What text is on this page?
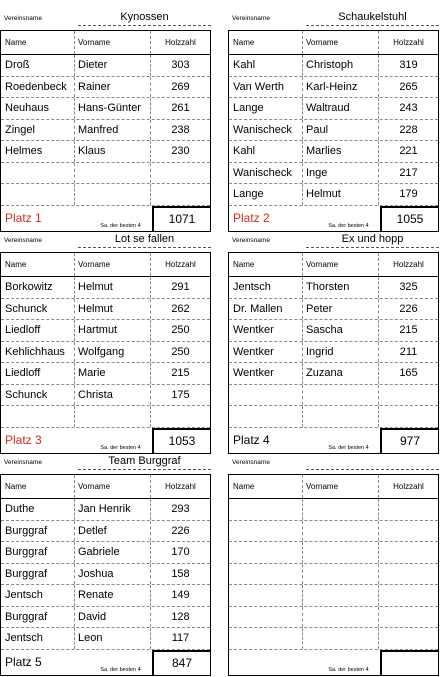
Vereinsname	Kynossen
Name	Vorname	Holzzahl
Droß	Dieter	303
Roedenbeck	Rainer	269
Neuhaus	Hans-Günter	261
Zingel	Manfred	238
Helmes	Klaus	230
Platz 1
Sa. der besten 4	1071
Vereinsname	Schaukelstuhl
Name	Vorname	Holzzahl
Kahl	Christoph	319
Van Werth	Karl-Heinz	265
Lange	Waltraud	243
Wanischeck	Paul	228
Kahl	Marlies	221
Wanischeck	Inge	217
Lange	Helmut	179
Platz 2
Sa. der besten 4	1055
Vereinsname	Lot se fallen
Name	Vorname	Holzzahl
Borkowitz	Helmut	291
Schunck	Helmut	262
Liedloff	Hartmut	250
Kehlichhaus	Wolfgang	250
Liedloff	Marie	215
Schunck	Christa	175
Platz 3
Sa. der besten 4	1053
Vereinsname	Ex und hopp
Name	Vorname	Holzzahl
Jentsch	Thorsten	325
Dr. Mallen	Peter	226
Wentker	Sascha	215
Wentker	Ingrid	211
Wentker	Zuzana	165
Platz 4
Sa. der besten 4	977
Vereinsname	Team Burggraf
Name	Vorname	Holzzahl
Duthe	Jan Henrik	293
Burggraf	Detlef	226
Burggraf	Gabriele	170
Burggraf	Joshua	158
Jentsch	Renate	149
Burggraf	David	128
Jentsch	Leon	117
Platz 5
Sa. der besten 4	847
Vereinsname
Name	Vorname	Holzzahl
Sa. der besten 4
